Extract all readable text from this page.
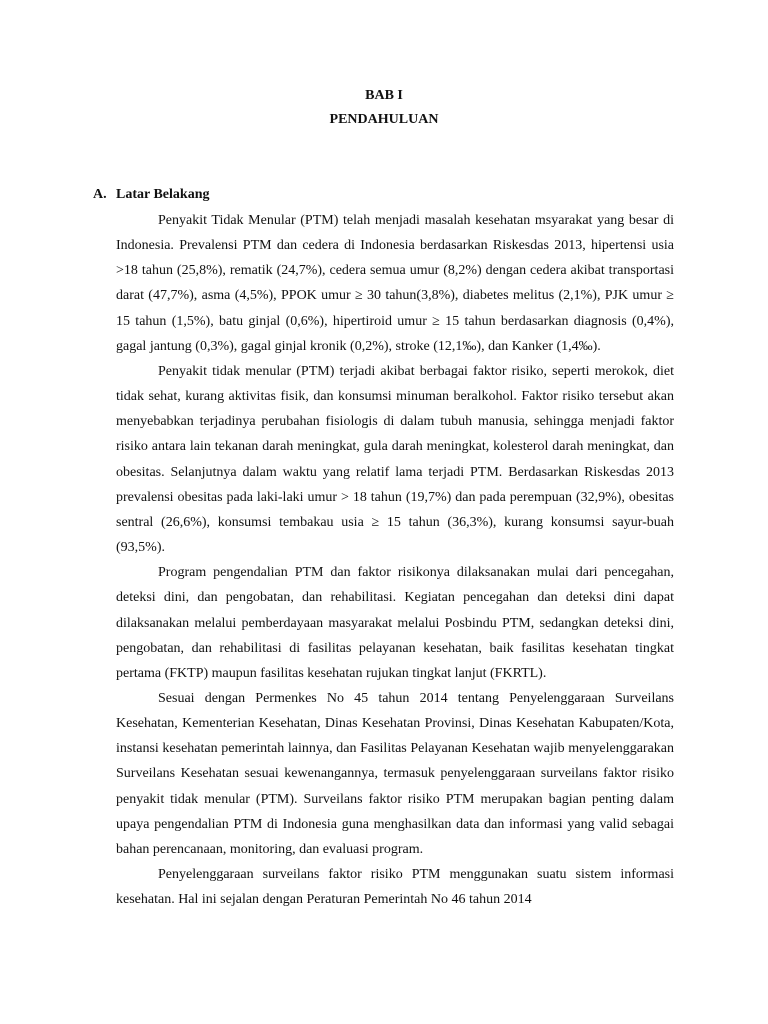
BAB I
PENDAHULUAN
A. Latar Belakang

Penyakit Tidak Menular (PTM) telah menjadi masalah kesehatan msyarakat yang besar di Indonesia. Prevalensi PTM dan cedera di Indonesia berdasarkan Riskesdas 2013, hipertensi usia >18 tahun (25,8%), rematik (24,7%), cedera semua umur (8,2%) dengan cedera akibat transportasi darat (47,7%), asma (4,5%), PPOK umur ≥ 30 tahun(3,8%), diabetes melitus (2,1%), PJK umur ≥ 15 tahun (1,5%), batu ginjal (0,6%), hipertiroid umur ≥ 15 tahun berdasarkan diagnosis (0,4%), gagal jantung (0,3%), gagal ginjal kronik (0,2%), stroke (12,1‰), dan Kanker (1,4‰).

Penyakit tidak menular (PTM) terjadi akibat berbagai faktor risiko, seperti merokok, diet tidak sehat, kurang aktivitas fisik, dan konsumsi minuman beralkohol. Faktor risiko tersebut akan menyebabkan terjadinya perubahan fisiologis di dalam tubuh manusia, sehingga menjadi faktor risiko antara lain tekanan darah meningkat, gula darah meningkat, kolesterol darah meningkat, dan obesitas. Selanjutnya dalam waktu yang relatif lama terjadi PTM. Berdasarkan Riskesdas 2013 prevalensi obesitas pada laki-laki umur > 18 tahun (19,7%) dan pada perempuan (32,9%), obesitas sentral (26,6%), konsumsi tembakau usia ≥ 15 tahun (36,3%), kurang konsumsi sayur-buah (93,5%).

Program pengendalian PTM dan faktor risikonya dilaksanakan mulai dari pencegahan, deteksi dini, dan pengobatan, dan rehabilitasi. Kegiatan pencegahan dan deteksi dini dapat dilaksanakan melalui pemberdayaan masyarakat melalui Posbindu PTM, sedangkan deteksi dini, pengobatan, dan rehabilitasi di fasilitas pelayanan kesehatan, baik fasilitas kesehatan tingkat pertama (FKTP) maupun fasilitas kesehatan rujukan tingkat lanjut (FKRTL).

Sesuai dengan Permenkes No 45 tahun 2014 tentang Penyelenggaraan Surveilans Kesehatan, Kementerian Kesehatan, Dinas Kesehatan Provinsi, Dinas Kesehatan Kabupaten/Kota, instansi kesehatan pemerintah lainnya, dan Fasilitas Pelayanan Kesehatan wajib menyelenggarakan Surveilans Kesehatan sesuai kewenangannya, termasuk penyelenggaraan surveilans faktor risiko penyakit tidak menular (PTM). Surveilans faktor risiko PTM merupakan bagian penting dalam upaya pengendalian PTM di Indonesia guna menghasilkan data dan informasi yang valid sebagai bahan perencanaan, monitoring, dan evaluasi program.

Penyelenggaraan surveilans faktor risiko PTM menggunakan suatu sistem informasi kesehatan. Hal ini sejalan dengan Peraturan Pemerintah No 46 tahun 2014
